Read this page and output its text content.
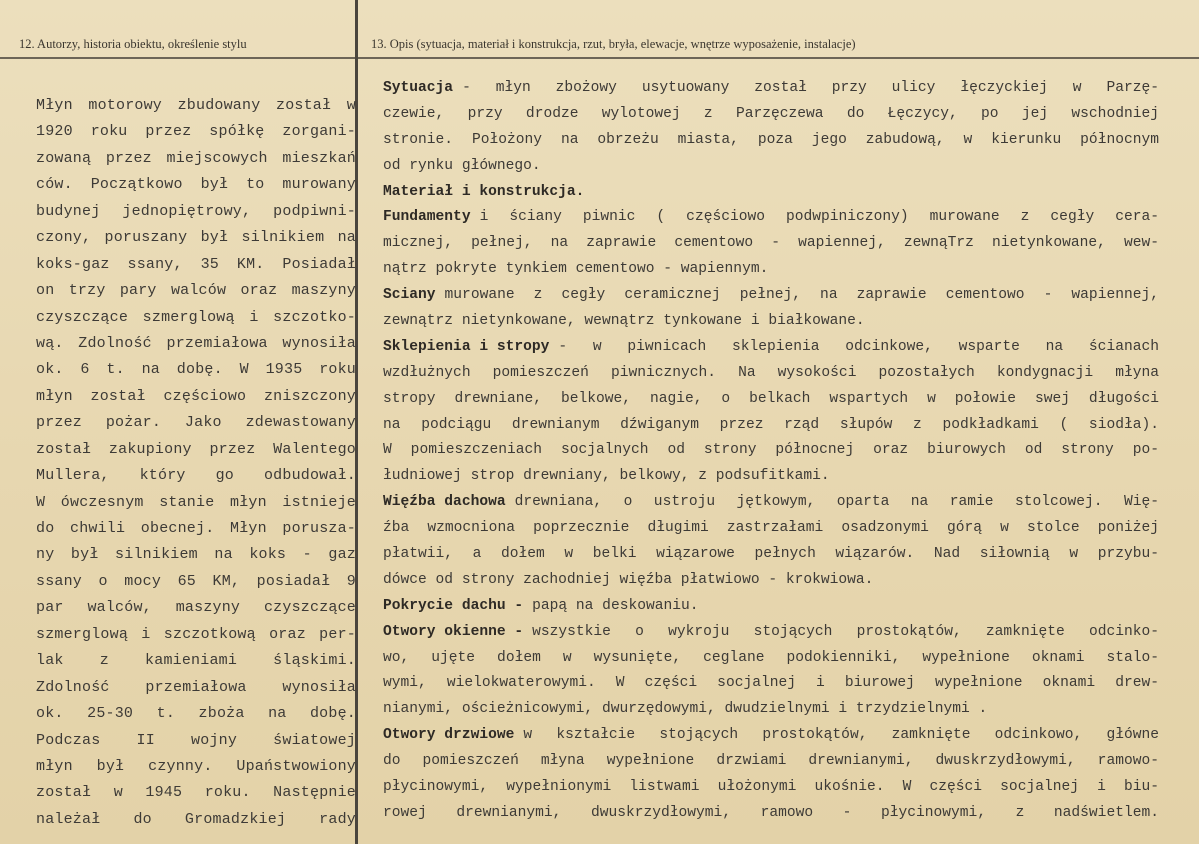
12. Autorzy, historia obiektu, określenie stylu	13. Opis (sytuacja, materiał i konstrukcja, rzut, bryła, elewacje, wnętrze wyposażenie, instalacje)
Młyn motorowy zbudowany został w
1920 roku przez spółkę zorgani-
zowaną przez miejscowych mieszkań
ców. Początkowo był to murowany
budynej jednopiętrowy, podpiwni-
czony, poruszany był silnikiem na
koks-gaz ssany, 35 KM. Posiadał
on trzy pary walców oraz maszyny
czyszczące szmerglową i szczotko-
wą. Zdolność przemiałowa wynosiła
ok. 6 t. na dobę. W 1935 roku
młyn został częściowo zniszczony
przez pożar. Jako zdewastowany
został zakupiony przez Walentego
Mullera, który go odbudował.
W ówczesnym stanie młyn istnieje
do chwili obecnej. Młyn porusza-
ny był silnikiem na koks - gaz
ssany o mocy 65 KM, posiadał 9
par walców, maszyny czyszczące
szmerglową i szczotkową oraz per-
lak z kamieniami śląskimi.
Zdolność przemiałowa wynosiła
ok. 25-30 t. zboża na dobę.
Podczas II wojny światowej
młyn był czynny. Upaństwowiony
został w 1945 roku. Następnie
należał do Gromadzkiej rady
Sytuacja - młyn zbożowy usytuowany został przy ulicy łęczyckiej w Parzę-
czewie, przy drodze wylotowej z Parzęczewa do Łęczycy, po jej wschodniej
stronie. Położony na obrzeżu miasta, poza jego zabudową, w kierunku północnym
od rynku głównego.
Materiał i konstrukcja.
Fundamenty i ściany piwnic ( częściowo podwpiniczony) murowane z cegły cera-
micznej, pełnej, na zaprawie cementowo - wapiennej, zewnąTrz nietynkowane, wew-
nątrz pokryte tynkiem cementowo - wapiennym.
Sciany murowane z cegły ceramicznej pełnej, na zaprawie cementowo - wapiennej,
zewnątrz nietynkowane, wewnątrz tynkowane i białkowane.
Sklepienia i stropy - w piwnicach sklepienia odcinkowe, wsparte na ścianach
wzdłużnych pomieszczeń piwnicznych. Na wysokości pozostałych kondygnacji młyna
stropy drewniane, belkowe, nagie, o belkach wspartych w połowie swej długości
na podciągu drewnianym dźwiganym przez rząd słupów z podkładkami ( siodła).
W pomieszczeniach socjalnych od strony północnej oraz biurowych od strony po-
łudniowej strop drewniany, belkowy, z podsufitkami.
Więźba dachowa drewniana, o ustroju jętkowym, oparta na ramie stolcowej. Wię-
źba wzmocniona poprzecznie długimi zastrzałami osadzonymi górą w stolce poniżej
płatwii, a dołem w belki wiązarowe pełnych wiązarów. Nad siłownią w przybu-
dówce od strony zachodniej więźba płatwiowo - krokwiowa.
Pokrycie dachu - papą na deskowaniu.
Otwory okienne - wszystkie o wykroju stojących prostokątów, zamknięte odcinko-
wo, ujęte dołem w wysunięte, ceglane podokienniki, wypełnione oknami stalo-
wymi, wielokwaterowymi. W części socjalnej i biurowej wypełnione oknami drew-
nianymi, ościeżnicowymi, dwurzędowymi, dwudzielnymi i trzydzielnymi .
Otwory drzwiowe w kształcie stojących prostokątów, zamknięte odcinkowo, główne
do pomieszczeń młyna wypełnione drzwiami drewnianymi, dwuskrzydłowymi, ramowo-
płycinowymi, wypełnionymi listwami ułożonymi ukośnie. W części socjalnej i biu-
rowej drewnianymi, dwuskrzydłowymi, ramowo - płycinowymi, z nadświetlem.
